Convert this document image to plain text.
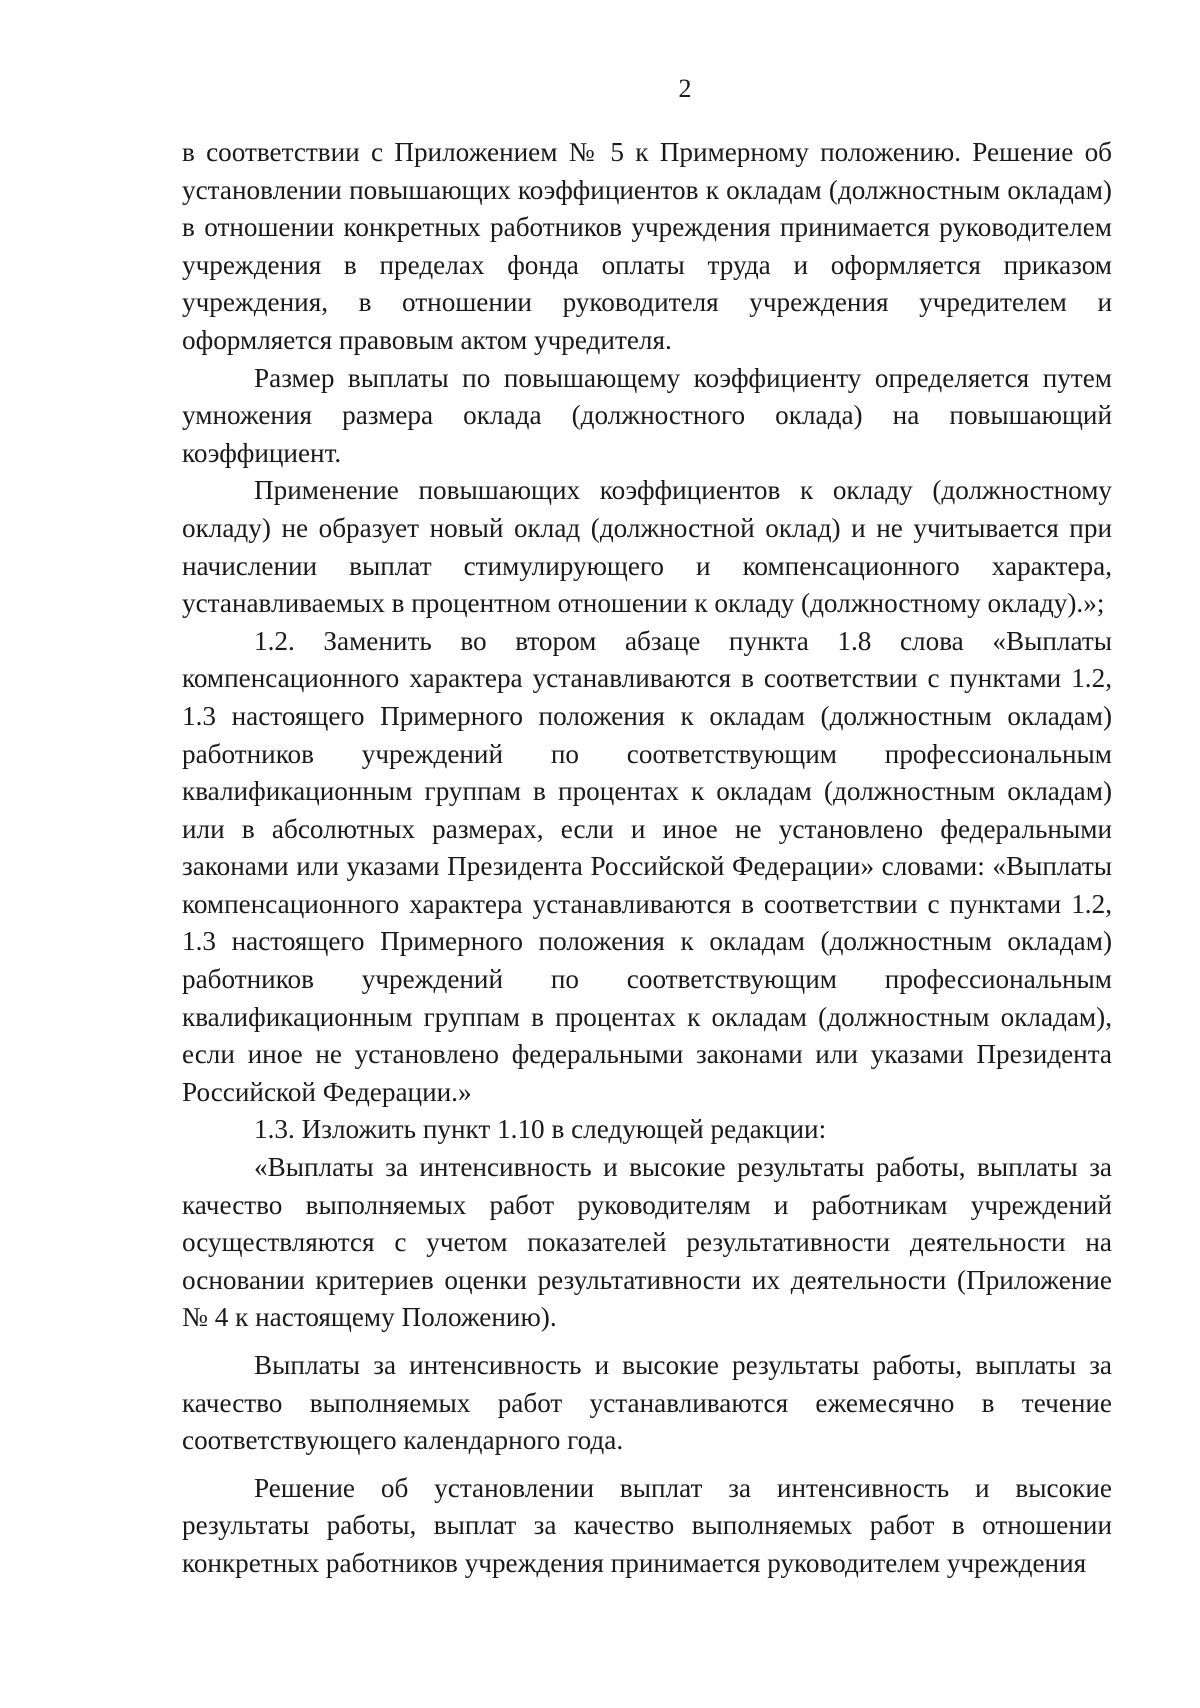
2

в соответствии с Приложением № 5 к Примерному положению. Решение об установлении повышающих коэффициентов к окладам (должностным окладам) в отношении конкретных работников учреждения принимается руководителем учреждения в пределах фонда оплаты труда и оформляется приказом учреждения, в отношении руководителя учреждения учредителем и оформляется правовым актом учредителя.

Размер выплаты по повышающему коэффициенту определяется путем умножения размера оклада (должностного оклада) на повышающий коэффициент.

Применение повышающих коэффициентов к окладу (должностному окладу) не образует новый оклад (должностной оклад) и не учитывается при начислении выплат стимулирующего и компенсационного характера, устанавливаемых в процентном отношении к окладу (должностному окладу).»;

1.2. Заменить во втором абзаце пункта 1.8 слова «Выплаты компенсационного характера устанавливаются в соответствии с пунктами 1.2, 1.3 настоящего Примерного положения к окладам (должностным окладам) работников учреждений по соответствующим профессиональным квалификационным группам в процентах к окладам (должностным окладам) или в абсолютных размерах, если и иное не установлено федеральными законами или указами Президента Российской Федерации» словами: «Выплаты компенсационного характера устанавливаются в соответствии с пунктами 1.2, 1.3 настоящего Примерного положения к окладам (должностным окладам) работников учреждений по соответствующим профессиональным квалификационным группам в процентах к окладам (должностным окладам), если иное не установлено федеральными законами или указами Президента Российской Федерации.»

1.3. Изложить пункт 1.10 в следующей редакции:

«Выплаты за интенсивность и высокие результаты работы, выплаты за качество выполняемых работ руководителям и работникам учреждений осуществляются с учетом показателей результативности деятельности на основании критериев оценки результативности их деятельности (Приложение № 4 к настоящему Положению).

Выплаты за интенсивность и высокие результаты работы, выплаты за качество выполняемых работ устанавливаются ежемесячно в течение соответствующего календарного года.

Решение об установлении выплат за интенсивность и высокие результаты работы, выплат за качество выполняемых работ в отношении конкретных работников учреждения принимается руководителем учреждения
